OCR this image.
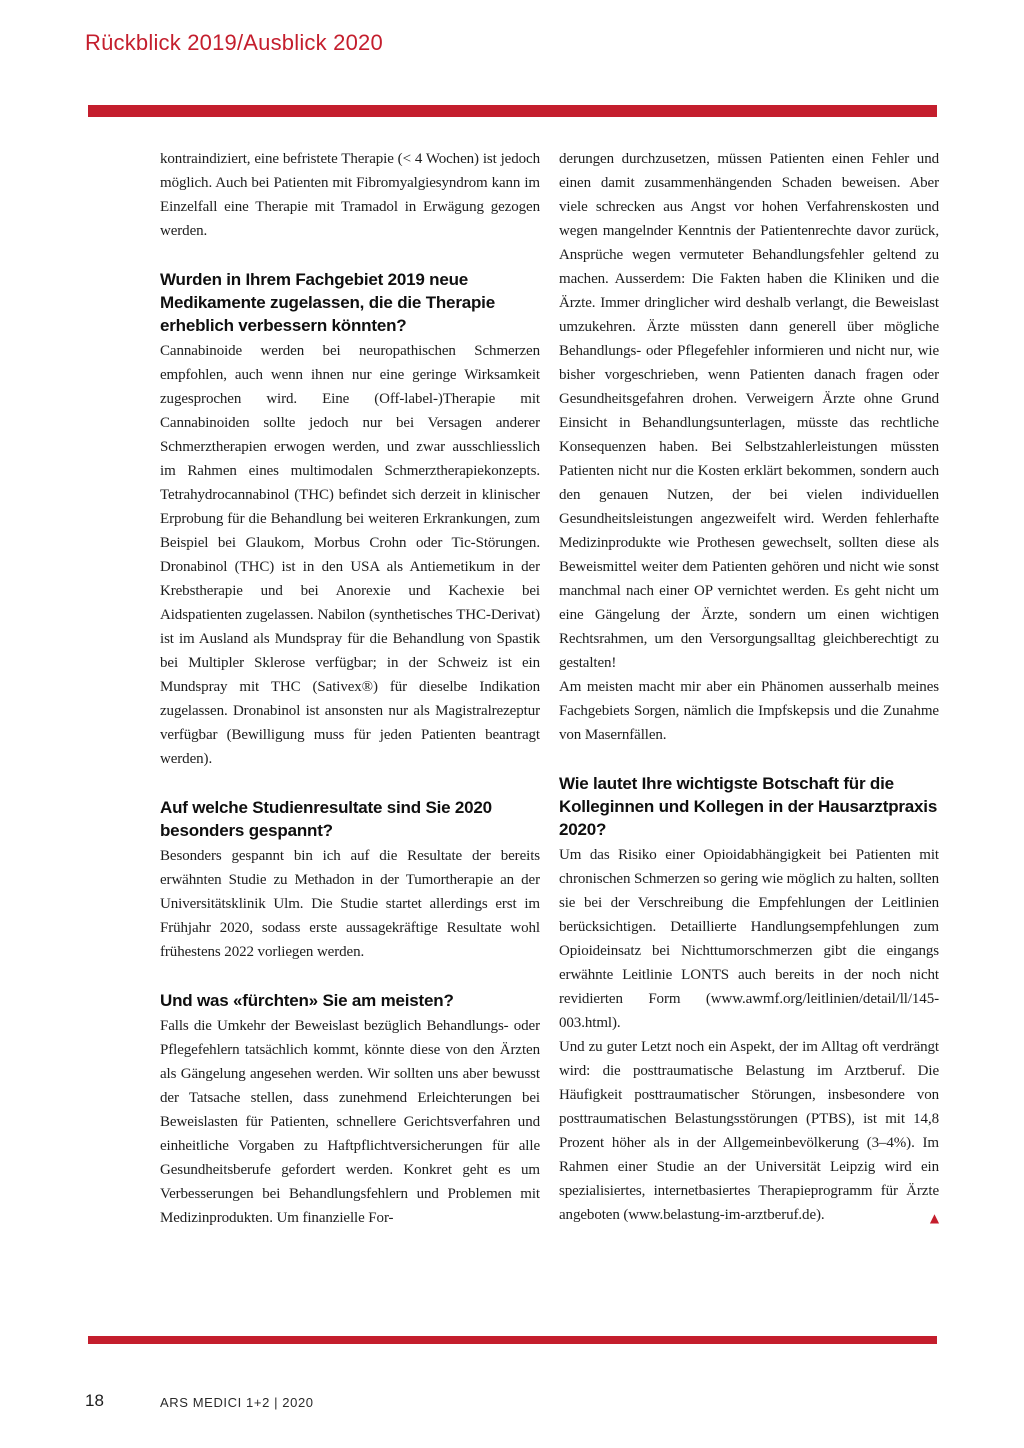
Rückblick 2019/Ausblick 2020

kontraindiziert, eine befristete Therapie (< 4 Wochen) ist jedoch möglich. Auch bei Patienten mit Fibromyalgiesyndrom kann im Einzelfall eine Therapie mit Tramadol in Erwägung gezogen werden.

Wurden in Ihrem Fachgebiet 2019 neue Medikamente zugelassen, die die Therapie erheblich verbessern könnten?

Cannabinoide werden bei neuropathischen Schmerzen empfohlen, auch wenn ihnen nur eine geringe Wirksamkeit zugesprochen wird. Eine (Off-label-)Therapie mit Cannabinoiden sollte jedoch nur bei Versagen anderer Schmerztherapien erwogen werden, und zwar ausschliesslich im Rahmen eines multimodalen Schmerztherapiekonzepts. Tetrahydrocannabinol (THC) befindet sich derzeit in klinischer Erprobung für die Behandlung bei weiteren Erkrankungen, zum Beispiel bei Glaukom, Morbus Crohn oder Tic-Störungen. Dronabinol (THC) ist in den USA als Antiemetikum in der Krebstherapie und bei Anorexie und Kachexie bei Aidspatienten zugelassen. Nabilon (synthetisches THC-Derivat) ist im Ausland als Mundspray für die Behandlung von Spastik bei Multipler Sklerose verfügbar; in der Schweiz ist ein Mundspray mit THC (Sativex®) für dieselbe Indikation zugelassen. Dronabinol ist ansonsten nur als Magistralrezeptur verfügbar (Bewilligung muss für jeden Patienten beantragt werden).

Auf welche Studienresultate sind Sie 2020 besonders gespannt?

Besonders gespannt bin ich auf die Resultate der bereits erwähnten Studie zu Methadon in der Tumortherapie an der Universitätsklinik Ulm. Die Studie startet allerdings erst im Frühjahr 2020, sodass erste aussagekräftige Resultate wohl frühestens 2022 vorliegen werden.

Und was «fürchten» Sie am meisten?

Falls die Umkehr der Beweislast bezüglich Behandlungs- oder Pflegefehlern tatsächlich kommt, könnte diese von den Ärzten als Gängelung angesehen werden. Wir sollten uns aber bewusst der Tatsache stellen, dass zunehmend Erleichterungen bei Beweislasten für Patienten, schnellere Gerichtsverfahren und einheitliche Vorgaben zu Haftpflichtversicherungen für alle Gesundheitsberufe gefordert werden. Konkret geht es um Verbesserungen bei Behandlungsfehlern und Problemen mit Medizinprodukten. Um finanzielle For-

derungen durchzusetzen, müssen Patienten einen Fehler und einen damit zusammenhängenden Schaden beweisen. Aber viele schrecken aus Angst vor hohen Verfahrenskosten und wegen mangelnder Kenntnis der Patientenrechte davor zurück, Ansprüche wegen vermuteter Behandlungsfehler geltend zu machen. Ausserdem: Die Fakten haben die Kliniken und die Ärzte. Immer dringlicher wird deshalb verlangt, die Beweislast umzukehren. Ärzte müssten dann generell über mögliche Behandlungs- oder Pflegefehler informieren und nicht nur, wie bisher vorgeschrieben, wenn Patienten danach fragen oder Gesundheitsgefahren drohen. Verweigern Ärzte ohne Grund Einsicht in Behandlungsunterlagen, müsste das rechtliche Konsequenzen haben. Bei Selbstzahlerleistungen müssten Patienten nicht nur die Kosten erklärt bekommen, sondern auch den genauen Nutzen, der bei vielen individuellen Gesundheitsleistungen angezweifelt wird. Werden fehlerhafte Medizinprodukte wie Prothesen gewechselt, sollten diese als Beweismittel weiter dem Patienten gehören und nicht wie sonst manchmal nach einer OP vernichtet werden. Es geht nicht um eine Gängelung der Ärzte, sondern um einen wichtigen Rechtsrahmen, um den Versorgungsalltag gleichberechtigt zu gestalten!

Am meisten macht mir aber ein Phänomen ausserhalb meines Fachgebiets Sorgen, nämlich die Impfskepsis und die Zunahme von Masernfällen.

Wie lautet Ihre wichtigste Botschaft für die Kolleginnen und Kollegen in der Hausarztpraxis 2020?

Um das Risiko einer Opioidabhängigkeit bei Patienten mit chronischen Schmerzen so gering wie möglich zu halten, sollten sie bei der Verschreibung die Empfehlungen der Leitlinien berücksichtigen. Detaillierte Handlungsempfehlungen zum Opioideinsatz bei Nichttumorschmerzen gibt die eingangs erwähnte Leitlinie LONTS auch bereits in der noch nicht revidierten Form (www.awmf.org/leitlinien/detail/ll/145-003.html).

Und zu guter Letzt noch ein Aspekt, der im Alltag oft verdrängt wird: die posttraumatische Belastung im Arztberuf. Die Häufigkeit posttraumatischer Störungen, insbesondere von posttraumatischen Belastungsstörungen (PTBS), ist mit 14,8 Prozent höher als in der Allgemeinbevölkerung (3–4%). Im Rahmen einer Studie an der Universität Leipzig wird ein spezialisiertes, internetbasiertes Therapieprogramm für Ärzte angeboten (www.belastung-im-arztberuf.de).	▲

18	ARS MEDICI 1+2 | 2020
